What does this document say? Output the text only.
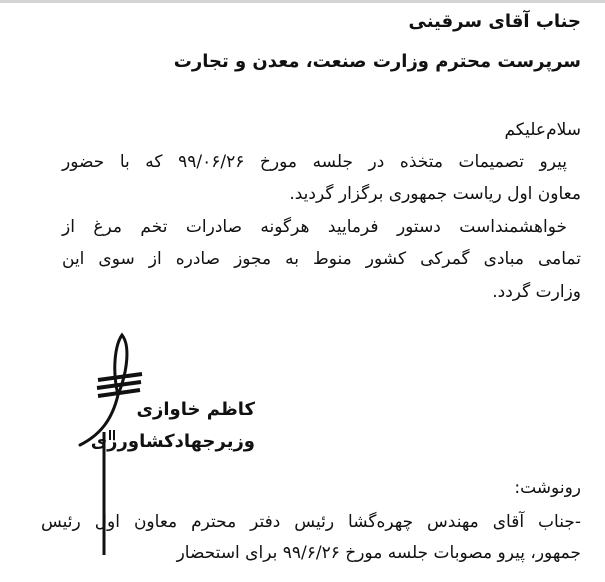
جناب آقای سرقینی
سرپرست محترم وزارت صنعت، معدن و تجارت
سلام‌علیکم
پیرو تصمیمات متخذه در جلسه مورخ ۹۹/۰۶/۲۶ که با حضور
معاون اول ریاست جمهوری برگزار گردید.
خواهشمنداست دستور فرمایید هرگونه صادرات تخم مرغ از
تمامی مبادی گمرکی کشور منوط به مجوز صادره از سوی این
وزارت گردد.
کاظم خاوازی
وزیرجهادکشاورزی
رونوشت:
-جناب آقای مهندس چهره‌گشا رئیس دفتر محترم معاون اول رئیس
جمهور، پیرو مصوبات جلسه مورخ ۹۹/۶/۲۶ برای استحضار
